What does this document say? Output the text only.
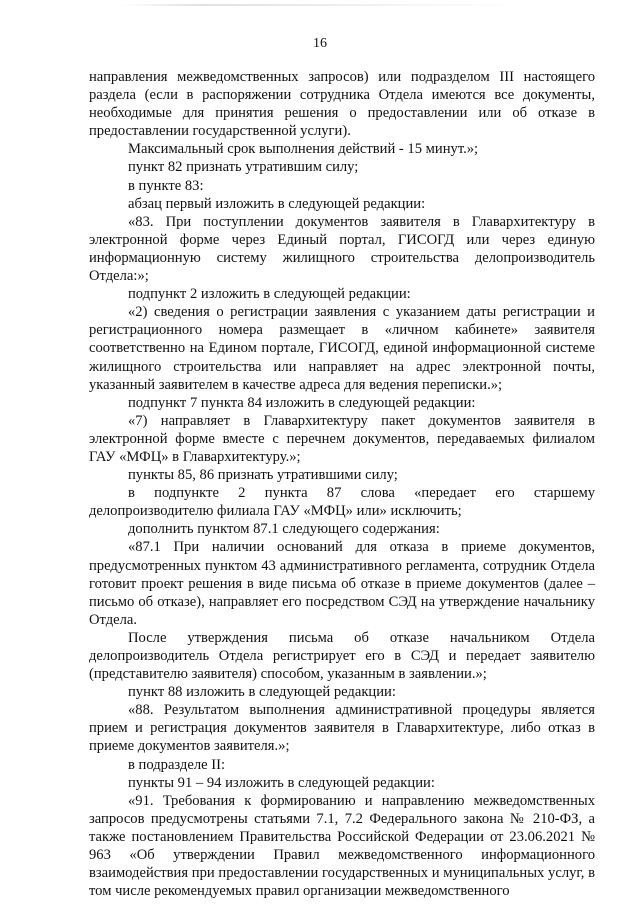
16

направления межведомственных запросов) или подразделом III настоящего раздела (если в распоряжении сотрудника Отдела имеются все документы, необходимые для принятия решения о предоставлении или об отказе в предоставлении государственной услуги).

Максимальный срок выполнения действий - 15 минут.»;

пункт 82 признать утратившим силу;

в пункте 83:

абзац первый изложить в следующей редакции:

«83. При поступлении документов заявителя в Главархитектуру в электронной форме через Единый портал, ГИСОГД или через единую информационную систему жилищного строительства делопроизводитель Отдела:»;

подпункт 2 изложить в следующей редакции:

«2) сведения о регистрации заявления с указанием даты регистрации и регистрационного номера размещает в «личном кабинете» заявителя соответственно на Едином портале, ГИСОГД, единой информационной системе жилищного строительства или направляет на адрес электронной почты, указанный заявителем в качестве адреса для ведения переписки.»;

подпункт 7 пункта 84 изложить в следующей редакции:

«7) направляет в Главархитектуру пакет документов заявителя в электронной форме вместе с перечнем документов, передаваемых филиалом ГАУ «МФЦ» в Главархитектуру.»;

пункты 85, 86 признать утратившими силу;

в подпункте 2 пункта 87 слова «передает его старшему делопроизводителю филиала ГАУ «МФЦ» или» исключить;

дополнить пунктом 87.1 следующего содержания:

«87.1 При наличии оснований для отказа в приеме документов, предусмотренных пунктом 43 административного регламента, сотрудник Отдела готовит проект решения в виде письма об отказе в приеме документов (далее – письмо об отказе), направляет его посредством СЭД на утверждение начальнику Отдела.

После утверждения письма об отказе начальником Отдела делопроизводитель Отдела регистрирует его в СЭД и передает заявителю (представителю заявителя) способом, указанным в заявлении.»;

пункт 88 изложить в следующей редакции:

«88. Результатом выполнения административной процедуры является прием и регистрация документов заявителя в Главархитектуре, либо отказ в приеме документов заявителя.»;

в подразделе II:

пункты 91 – 94 изложить в следующей редакции:

«91. Требования к формированию и направлению межведомственных запросов предусмотрены статьями 7.1, 7.2 Федерального закона № 210-ФЗ, а также постановлением Правительства Российской Федерации от 23.06.2021 № 963 «Об утверждении Правил межведомственного информационного взаимодействия при предоставлении государственных и муниципальных услуг, в том числе рекомендуемых правил организации межведомственного
